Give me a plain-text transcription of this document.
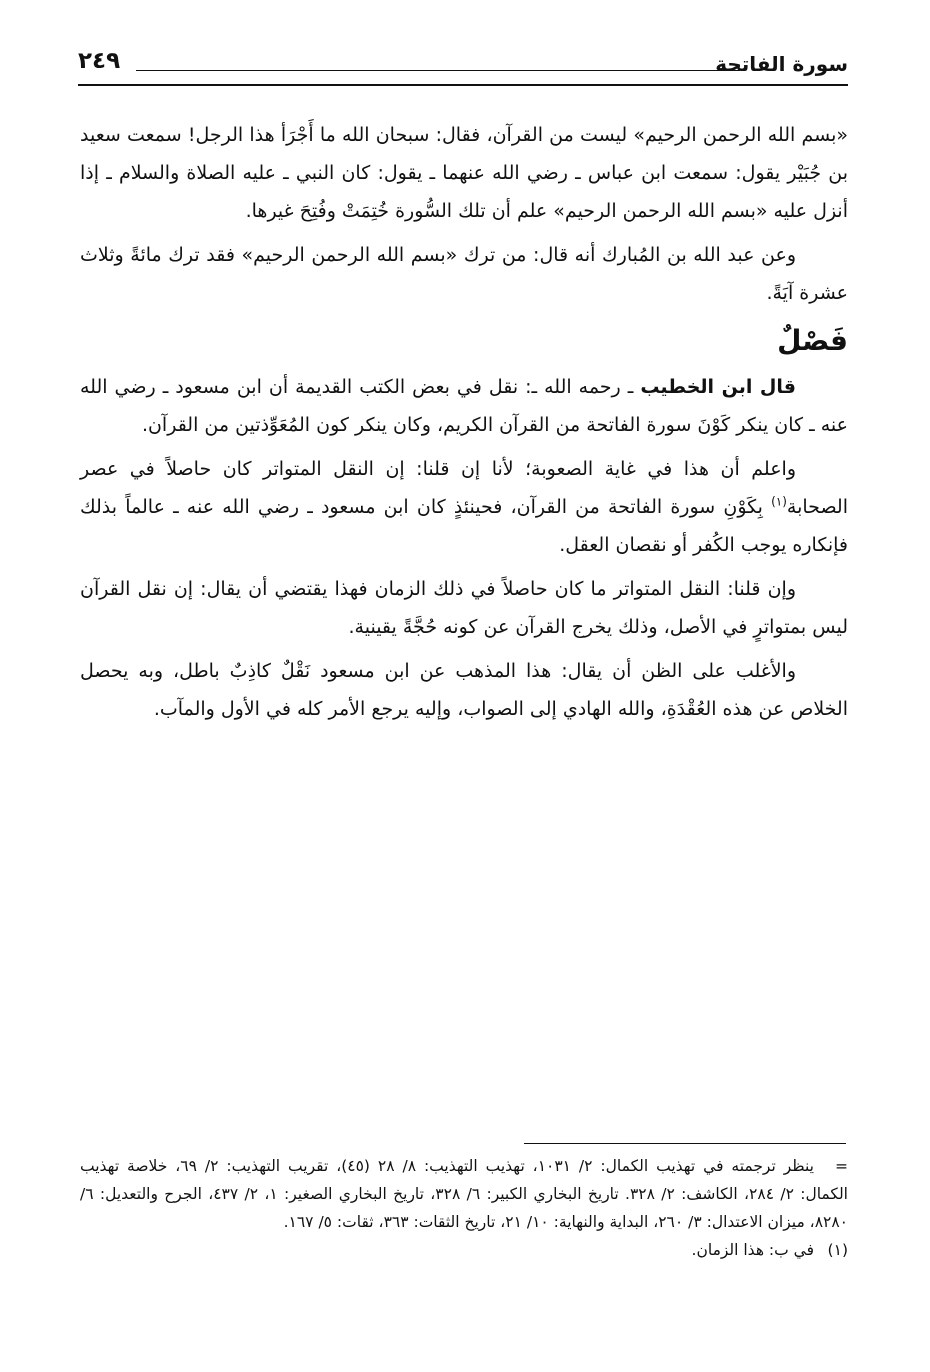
سورة الفاتحة
٢٤٩

«بسم الله الرحمن الرحيم» ليست من القرآن، فقال: سبحان الله ما أَجْرَأ هذا الرجل! سمعت سعيد بن جُبَيْر يقول: سمعت ابن عباس ـ رضي الله عنهما ـ يقول: كان النبي ـ عليه الصلاة والسلام ـ إذا أنزل عليه «بسم الله الرحمن الرحيم» علم أن تلك السُّورة خُتِمَتْ وفُتِحَ غيرها.

وعن عبد الله بن المُبارك أنه قال: من ترك «بسم الله الرحمن الرحيم» فقد ترك مائةً وثلاث عشرة آيَةً.

فَصْلٌ

قال ابن الخطيب ـ رحمه الله ـ: نقل في بعض الكتب القديمة أن ابن مسعود ـ رضي الله عنه ـ كان ينكر كَوْنَ سورة الفاتحة من القرآن الكريم، وكان ينكر كون المُعَوِّذتين من القرآن.

واعلم أن هذا في غاية الصعوبة؛ لأنا إن قلنا: إن النقل المتواتر كان حاصلاً في عصر الصحابة$^{(١)}$ بِكَوْنِ سورة الفاتحة من القرآن، فحينئذٍ كان ابن مسعود ـ رضي الله عنه ـ عالماً بذلك فإنكاره يوجب الكُفر أو نقصان العقل.

وإن قلنا: النقل المتواتر ما كان حاصلاً في ذلك الزمان فهذا يقتضي أن يقال: إن نقل القرآن ليس بمتواترٍ في الأصل، وذلك يخرج القرآن عن كونه حُجَّةً يقينية.

والأغلب على الظن أن يقال: هذا المذهب عن ابن مسعود نَقْلٌ كاذِبٌ باطل، وبه يحصل الخلاص عن هذه العُقْدَةِ، والله الهادي إلى الصواب، وإليه يرجع الأمر كله في الأول والمآب.

=ينظر ترجمته في تهذيب الكمال: ٢/ ١٠٣١، تهذيب التهذيب: ٨/ ٢٨ (٤٥)، تقريب التهذيب: ٢/ ٦٩، خلاصة تهذيب الكمال: ٢/ ٢٨٤، الكاشف: ٢/ ٣٢٨. تاريخ البخاري الكبير: ٦/ ٣٢٨، تاريخ البخاري الصغير: ١، ٢/ ٤٣٧، الجرح والتعديل: ٦/ ٨٢٨٠، ميزان الاعتدال: ٣/ ٢٦٠، البداية والنهاية: ١٠/ ٢١، تاريخ الثقات: ٣٦٣، ثقات: ٥/ ١٦٧.

(١)في ب: هذا الزمان.
